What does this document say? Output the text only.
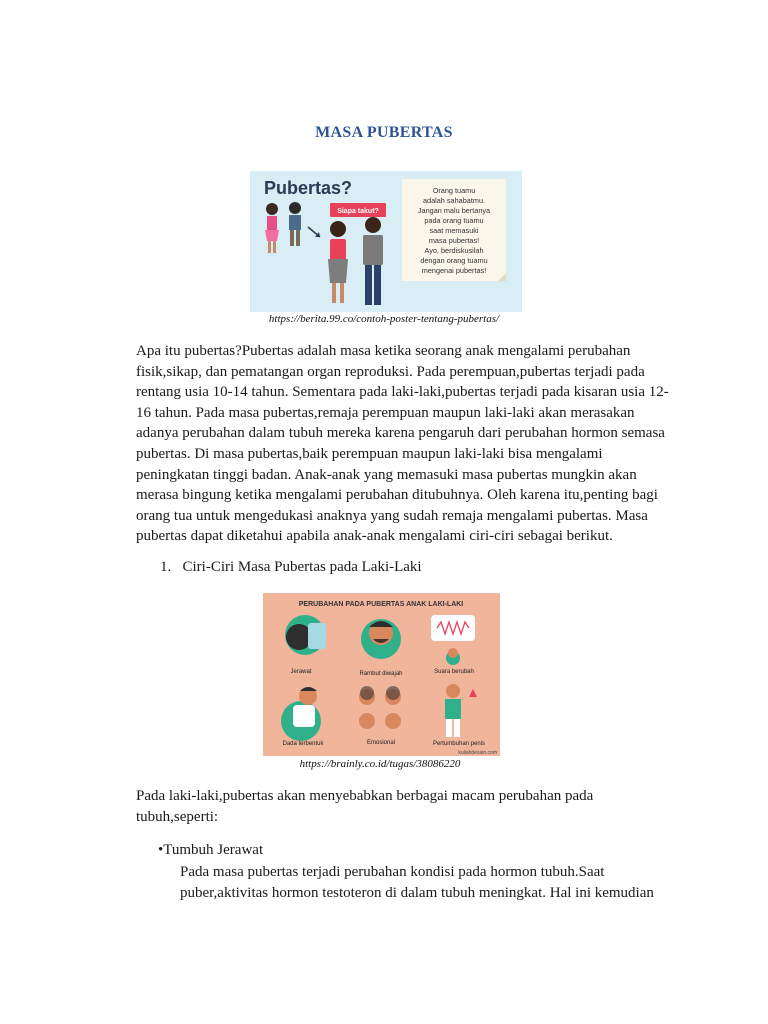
MASA PUBERTAS
Pubertas?
Siapa takut?
Orang tuamu
adalah sahabatmu.
Jangan malu bertanya
pada orang tuamu
saat memasuki
masa pubertas!
Ayo, berdiskusilah
dengan orang tuamu
mengenai pubertas!
https://berita.99.co/contoh-poster-tentang-pubertas/
Apa itu pubertas?Pubertas adalah masa ketika seorang anak mengalami perubahan
fisik,sikap, dan pematangan organ reproduksi. Pada perempuan,pubertas terjadi pada
rentang usia 10-14 tahun. Sementara pada laki-laki,pubertas terjadi pada kisaran usia 12-
16 tahun. Pada masa pubertas,remaja perempuan maupun laki-laki akan merasakan
adanya perubahan dalam tubuh mereka karena pengaruh dari perubahan hormon semasa
pubertas. Di masa pubertas,baik perempuan maupun laki-laki bisa mengalami
peningkatan tinggi badan. Anak-anak yang memasuki masa pubertas mungkin akan
merasa bingung ketika mengalami perubahan ditubuhnya. Oleh karena itu,penting bagi
orang tua untuk mengedukasi anaknya yang sudah remaja mengalami pubertas. Masa
pubertas dapat diketahui apabila anak-anak mengalami ciri-ciri sebagai berikut.
1.   Ciri-Ciri Masa Pubertas pada Laki-Laki
PERUBAHAN PADA PUBERTAS ANAK LAKI-LAKI
Jerawat	Rambut diwajah	Suara berubah
Dada terbentuk	Emosional	Pertumbuhan penis
kuliahdesain.com
https://brainly.co.id/tugas/38086220
Pada laki-laki,pubertas akan menyebabkan berbagai macam perubahan pada
tubuh,seperti:
•Tumbuh Jerawat
Pada masa pubertas terjadi perubahan kondisi pada hormon tubuh.Saat
puber,aktivitas hormon testoteron di dalam tubuh meningkat. Hal ini kemudian
